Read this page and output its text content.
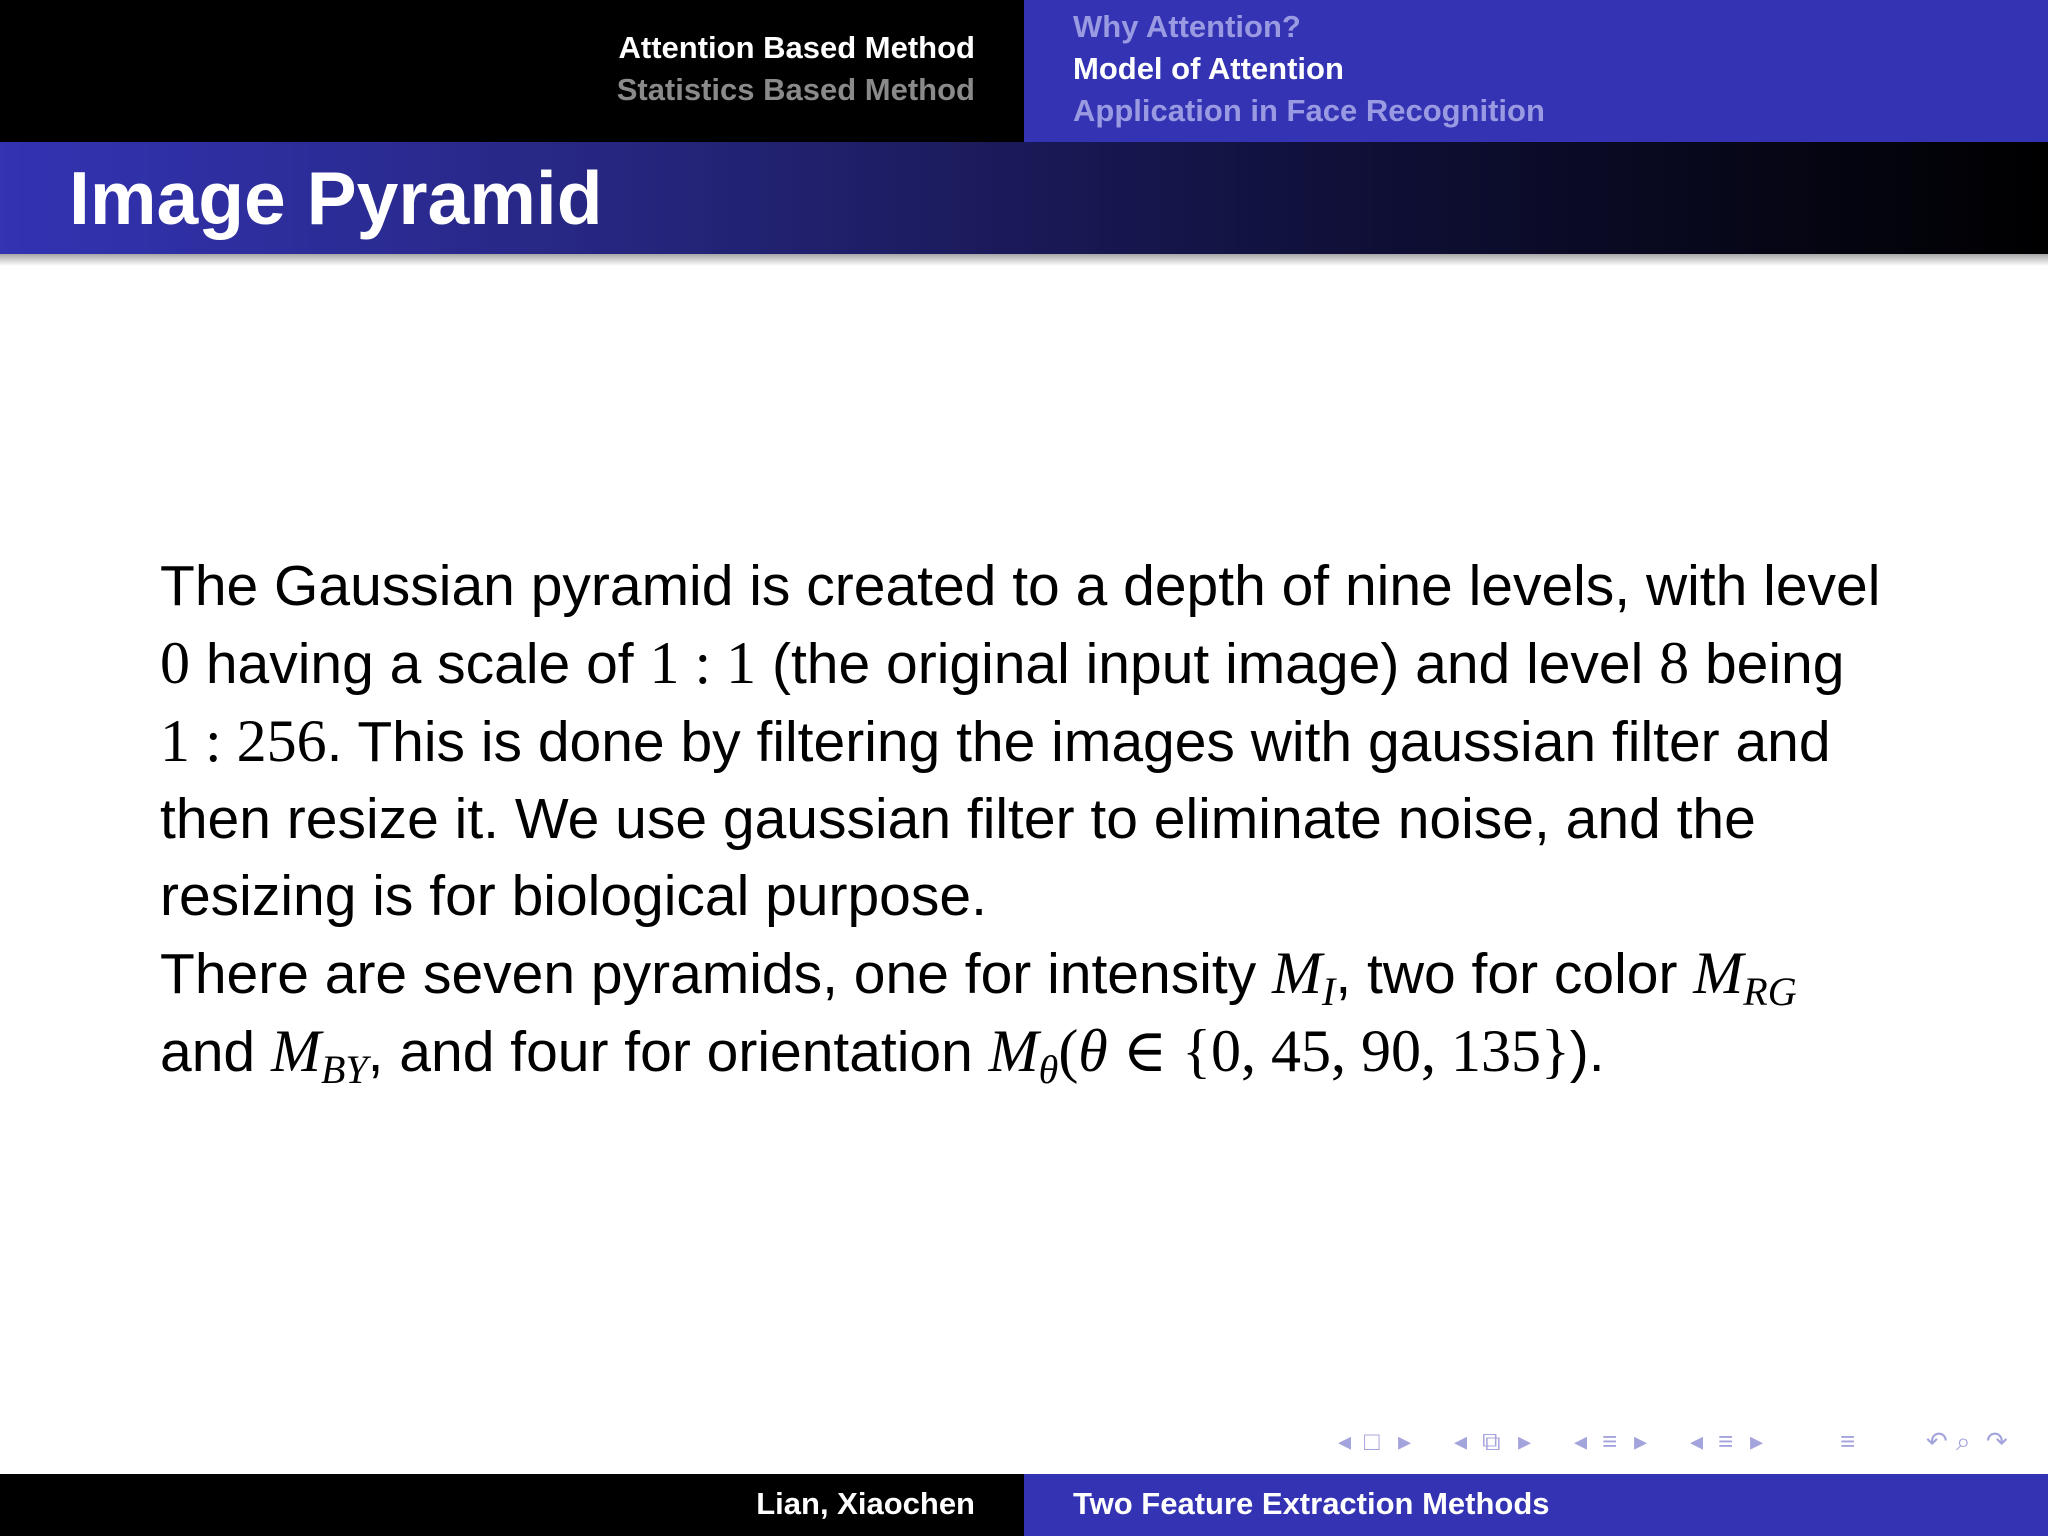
Attention Based Method
Statistics Based Method
Why Attention?
Model of Attention
Application in Face Recognition
Image Pyramid

The Gaussian pyramid is created to a depth of nine levels, with level 0 having a scale of 1 : 1 (the original input image) and level 8 being 1 : 256. This is done by filtering the images with gaussian filter and then resize it. We use gaussian filter to eliminate noise, and the resizing is for biological purpose.

There are seven pyramids, one for intensity $M_I$, two for color $M_{RG}$ and $M_{BY}$, and four for orientation $M_\theta(\theta$ ∈ {0, 45, 90, 135}).

◂ □ ▸ ◂ ⧉ ▸ ◂ ≡ ▸ ◂ ≡ ▸	≡	↶ ⌕ ↷
Lian, Xiaochen	Two Feature Extraction Methods
